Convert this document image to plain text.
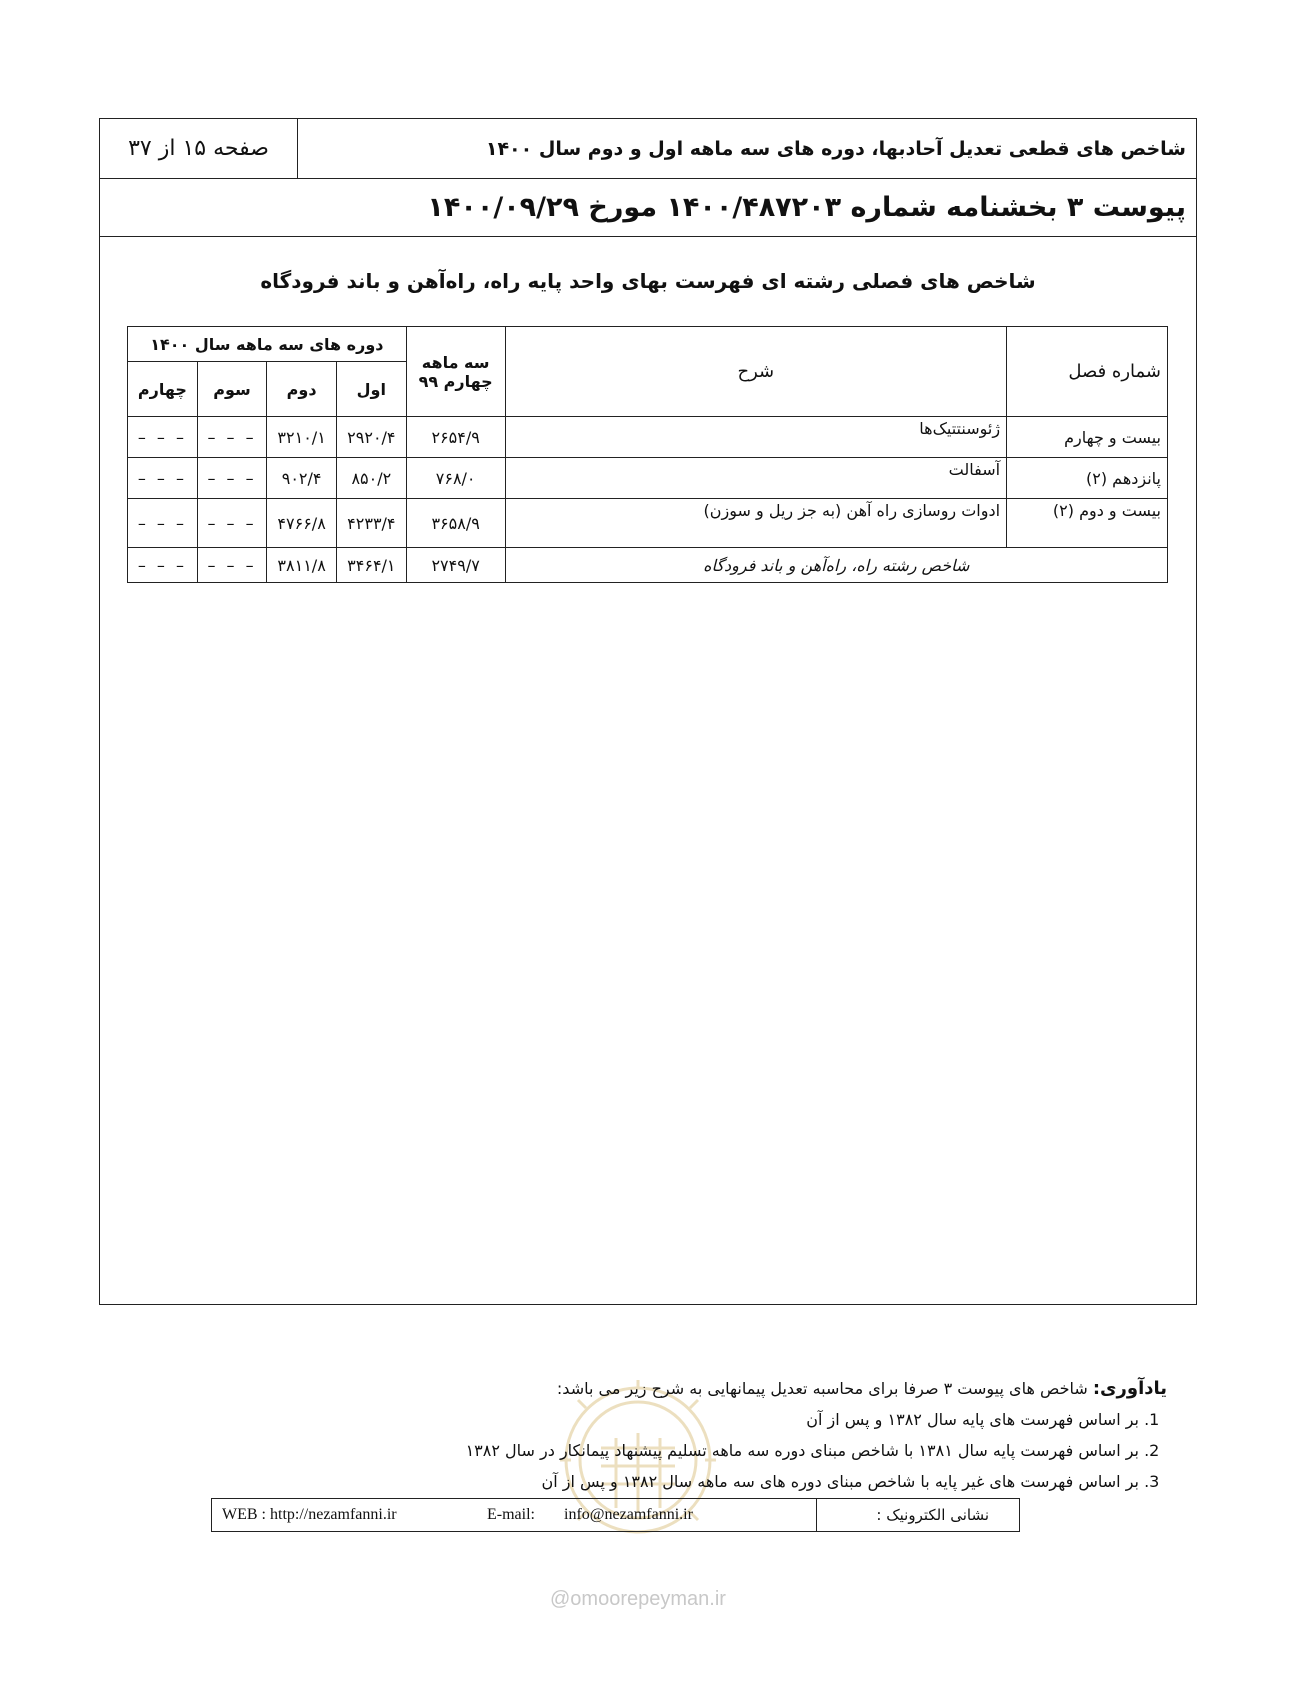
شاخص های قطعی تعدیل آحادبها، دوره های سه ماهه اول و دوم سال ۱۴۰۰
صفحه ۱۵ از ۳۷
پیوست ۳ بخشنامه شماره ۱۴۰۰/۴۸۷۲۰۳ مورخ ۱۴۰۰/۰۹/۲۹
شاخص های فصلی رشته ای فهرست بهای واحد پایه راه، راه‌آهن و باند فرودگاه
شماره فصل	شرح	سه ماهه چهارم ۹۹	دوره های سه ماهه سال ۱۴۰۰			
			اول	دوم	سوم	چهارم
بیست و چهارم	ژئوسنتتیک‌ها	۲۶۵۴/۹	۲۹۲۰/۴	۳۲۱۰/۱	– – –	– – –
پانزدهم (۲)	آسفالت	۷۶۸/۰	۸۵۰/۲	۹۰۲/۴	– – –	– – –
بیست و دوم (۲)	ادوات روسازی راه آهن (به جز ریل و سوزن)	۳۶۵۸/۹	۴۲۳۳/۴	۴۷۶۶/۸	– – –	– – –
شاخص رشته راه، راه‌آهن و باند فرودگاه		۲۷۴۹/۷	۳۴۶۴/۱	۳۸۱۱/۸	– – –	– – –
یادآوری: شاخص های پیوست ۳ صرفا برای محاسبه تعدیل پیمانهایی به شرح زیر می باشد:
1. بر اساس فهرست های پایه سال ۱۳۸۲ و پس از آن
2. بر اساس فهرست پایه سال ۱۳۸۱ با شاخص مبنای دوره سه ماهه تسلیم پیشنهاد پیمانکار در سال ۱۳۸۲
3. بر اساس فهرست های غیر پایه با شاخص مبنای دوره های سه ماهه سال ۱۳۸۲ و پس از آن
WEB : http://nezamfanni.ir	E-mail: info@nezamfanni.ir	نشانی الکترونیک :
@omoorepeyman.ir
